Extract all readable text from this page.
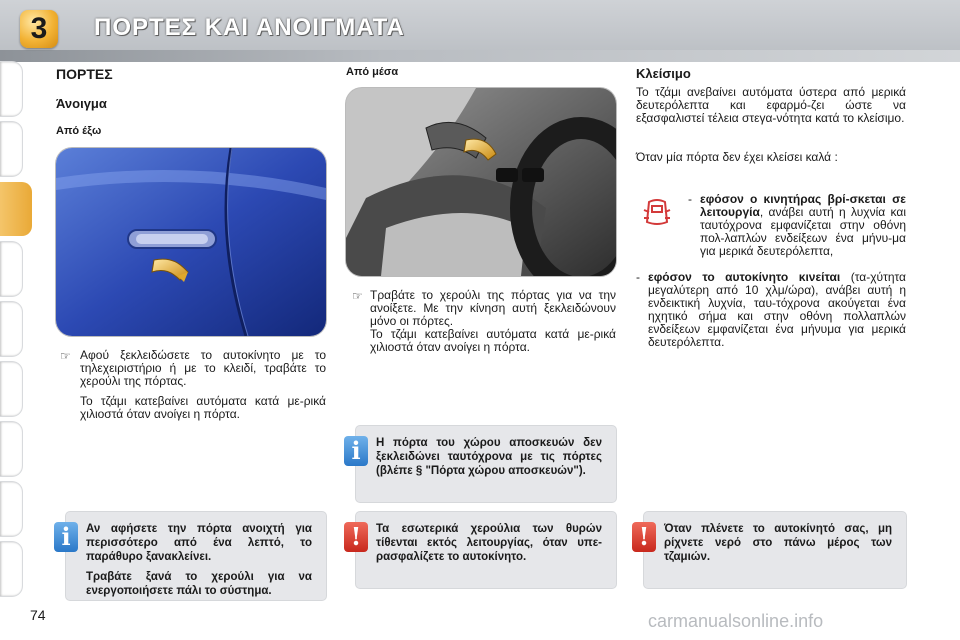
3	ΠΟΡΤΕΣ ΚΑΙ ΑΝΟΙΓΜΑΤΑ
ΠΟΡΤΕΣ
Άνοιγμα
Από έξω
☞ Αφού ξεκλειδώσετε το αυτοκίνητο με το τηλεχειριστήριο ή με το κλειδί, τραβάτε το χερούλι της πόρτας.
Το τζάμι κατεβαίνει αυτόματα κατά με-ρικά χιλιοστά όταν ανοίγει η πόρτα.
Από μέσα
☞ Τραβάτε το χερούλι της πόρτας για να την ανοίξετε. Με την κίνηση αυτή ξεκλειδώνουν μόνο οι πόρτες.
Το τζάμι κατεβαίνει αυτόματα κατά με-ρικά χιλιοστά όταν ανοίγει η πόρτα.
Κλείσιμο
Το τζάμι ανεβαίνει αυτόματα ύστερα από μερικά δευτερόλεπτα και εφαρμό-ζει ώστε να εξασφαλιστεί τέλεια στεγα-νότητα κατά το κλείσιμο.
Όταν μία πόρτα δεν έχει κλείσει καλά :
- εφόσον ο κινητήρας βρί-σκεται σε λειτουργία, ανάβει αυτή η λυχνία και ταυτόχρονα εμφανίζεται στην οθόνη πολ-λαπλών ενδείξεων ένα μήνυ-μα για μερικά δευτερόλεπτα,
- εφόσον το αυτοκίνητο κινείται (τα-χύτητα μεγαλύτερη από 10 χλμ/ώρα), ανάβει αυτή η ενδεικτική λυχνία, ταυ-τόχρονα ακούγεται ένα ηχητικό σήμα και στην οθόνη πολλαπλών ενδείξεων εμφανίζεται ένα μήνυμα για μερικά δευτερόλεπτα.
i	Η πόρτα του χώρου αποσκευών δεν ξεκλειδώνει ταυτόχρονα με τις πόρτες (βλέπε § "Πόρτα χώρου αποσκευών").
i	Αν αφήσετε την πόρτα ανοιχτή για περισσότερο από ένα λεπτό, το παράθυρο ξανακλείνει.
Τραβάτε ξανά το χερούλι για να ενεργοποιήσετε πάλι το σύστημα.
!	Τα εσωτερικά χερούλια των θυρών τίθενται εκτός λειτουργίας, όταν υπε-ρασφαλίζετε το αυτοκίνητο.
!	Όταν πλένετε το αυτοκίνητό σας, μη ρίχνετε νερό στο πάνω μέρος των τζαμιών.
74	carmanualsonline.info
